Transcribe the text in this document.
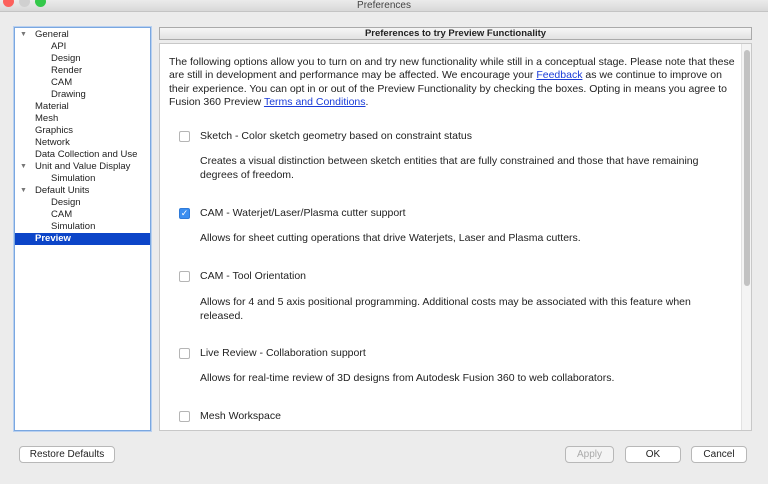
Preferences
▼ General
API
Design
Render
CAM
Drawing
Material
Mesh
Graphics
Network
Data Collection and Use
▼ Unit and Value Display
Simulation
▼ Default Units
Design
CAM
Simulation
Preview
Preferences to try Preview Functionality
The following options allow you to turn on and try new functionality while still in a conceptual stage. Please note that these are still in development and performance may be affected. We encourage your Feedback as we continue to improve on their experience. You can opt in or out of the Preview Functionality by checking the boxes. Opting in means you agree to Fusion 360 Preview Terms and Conditions.
Sketch - Color sketch geometry based on constraint status
Creates a visual distinction between sketch entities that are fully constrained and those that have remaining degrees of freedom.
✓ CAM - Waterjet/Laser/Plasma cutter support
Allows for sheet cutting operations that drive Waterjets, Laser and Plasma cutters.
CAM - Tool Orientation
Allows for 4 and 5 axis positional programming. Additional costs may be associated with this feature when released.
Live Review - Collaboration support
Allows for real-time review of 3D designs from Autodesk Fusion 360 to web collaborators.
Mesh Workspace
Restore Defaults	Apply	OK	Cancel
